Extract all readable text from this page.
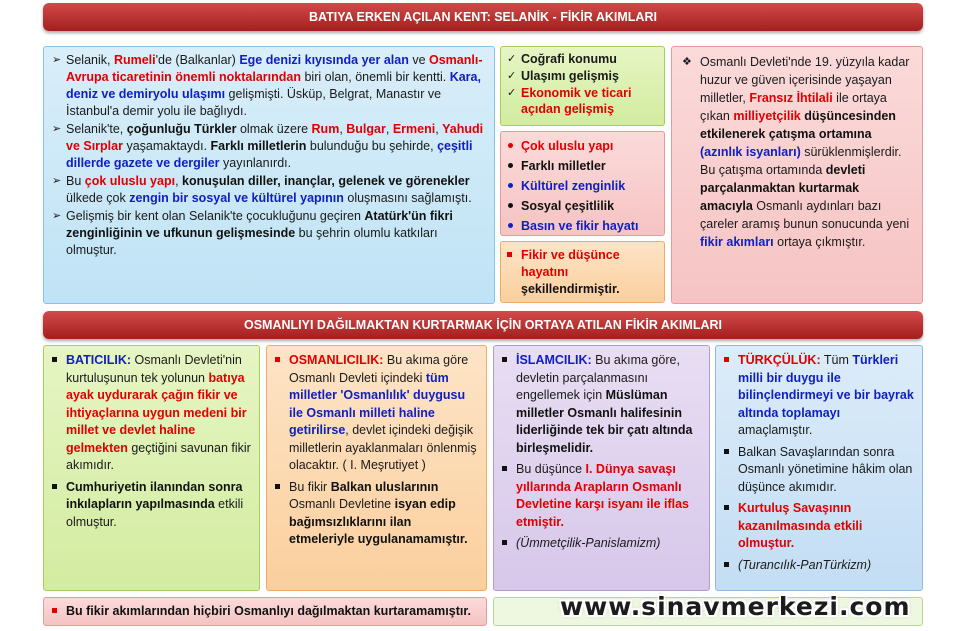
BATIYA ERKEN AÇILAN KENT: SELANİK - FİKİR AKIMLARI
➢ Selanik, Rumeli'de (Balkanlar) Ege denizi kıyısında yer alan ve Osmanlı-Avrupa ticaretinin önemli noktalarından biri olan, önemli bir kentti. Kara, deniz ve demiryolu ulaşımı gelişmişti. Üsküp, Belgrat, Manastır ve İstanbul'a demir yolu ile bağlıydı.
➢ Selanik'te, çoğunluğu Türkler olmak üzere Rum, Bulgar, Ermeni, Yahudi ve Sırplar yaşamaktaydı. Farklı milletlerin bulunduğu bu şehirde, çeşitli dillerde gazete ve dergiler yayınlanırdı.
➢ Bu çok uluslu yapı, konuşulan diller, inançlar, gelenek ve görenekler ülkede çok zengin bir sosyal ve kültürel yapının oluşmasını sağlamıştı.
➢ Gelişmiş bir kent olan Selanik'te çocukluğunu geçiren Atatürk'ün fikri zenginliğinin ve ufkunun gelişmesinde bu şehrin olumlu katkıları olmuştur.
✓ Coğrafi konumu
✓ Ulaşımı gelişmiş
✓ Ekonomik ve ticari açıdan gelişmiş
Çok uluslu yapı
Farklı milletler
Kültürel zenginlik
Sosyal çeşitlilik
Basın ve fikir hayatı
Fikir ve düşünce hayatını şekillendirmiştir.
❖ Osmanlı Devleti'nde 19. yüzyıla kadar huzur ve güven içerisinde yaşayan milletler, Fransız İhtilali ile ortaya çıkan milliyetçilik düşüncesinden etkilenerek çatışma ortamına (azınlık isyanları) sürüklenmişlerdir. Bu çatışma ortamında devleti parçalanmaktan kurtarmak amacıyla Osmanlı aydınları bazı çareler aramış bunun sonucunda yeni fikir akımları ortaya çıkmıştır.
OSMANLIYI DAĞILMAKTAN KURTARMAK İÇİN ORTAYA ATILAN FİKİR AKIMLARI
BATICILIK: Osmanlı Devleti'nin kurtuluşunun tek yolunun batıya ayak uydurarak çağın fikir ve ihtiyaçlarına uygun medeni bir millet ve devlet haline gelmekten geçtiğini savunan fikir akımıdır.
Cumhuriyetin ilanından sonra inkılapların yapılmasında etkili olmuştur.
OSMANLICILIK: Bu akıma göre Osmanlı Devleti içindeki tüm milletler 'Osmanlılık' duygusu ile Osmanlı milleti haline getirilirse, devlet içindeki değişik milletlerin ayaklanmaları önlenmiş olacaktır. ( I. Meşrutiyet )
Bu fikir Balkan uluslarının Osmanlı Devletine isyan edip bağımsızlıklarını ilan etmeleriyle uygulanamamıştır.
İSLAMCILIK: Bu akıma göre, devletin parçalanmasını engellemek için Müslüman milletler Osmanlı halifesinin liderliğinde tek bir çatı altında birleşmelidir.
Bu düşünce I. Dünya savaşı yıllarında Arapların Osmanlı Devletine karşı isyanı ile iflas etmiştir.
(Ümmetçilik-Panislamizm)
TÜRKÇÜLÜK: Tüm Türkleri milli bir duygu ile bilinçlendirmeyi ve bir bayrak altında toplamayı amaçlamıştır.
Balkan Savaşlarından sonra Osmanlı yönetimine hâkim olan düşünce akımıdır.
Kurtuluş Savaşının kazanılmasında etkili olmuştur.
(Turancılık-PanTürkizm)
Bu fikir akımlarından hiçbiri Osmanlıyı dağılmaktan kurtaramamıştır.	www.sinavmerkezi.com
